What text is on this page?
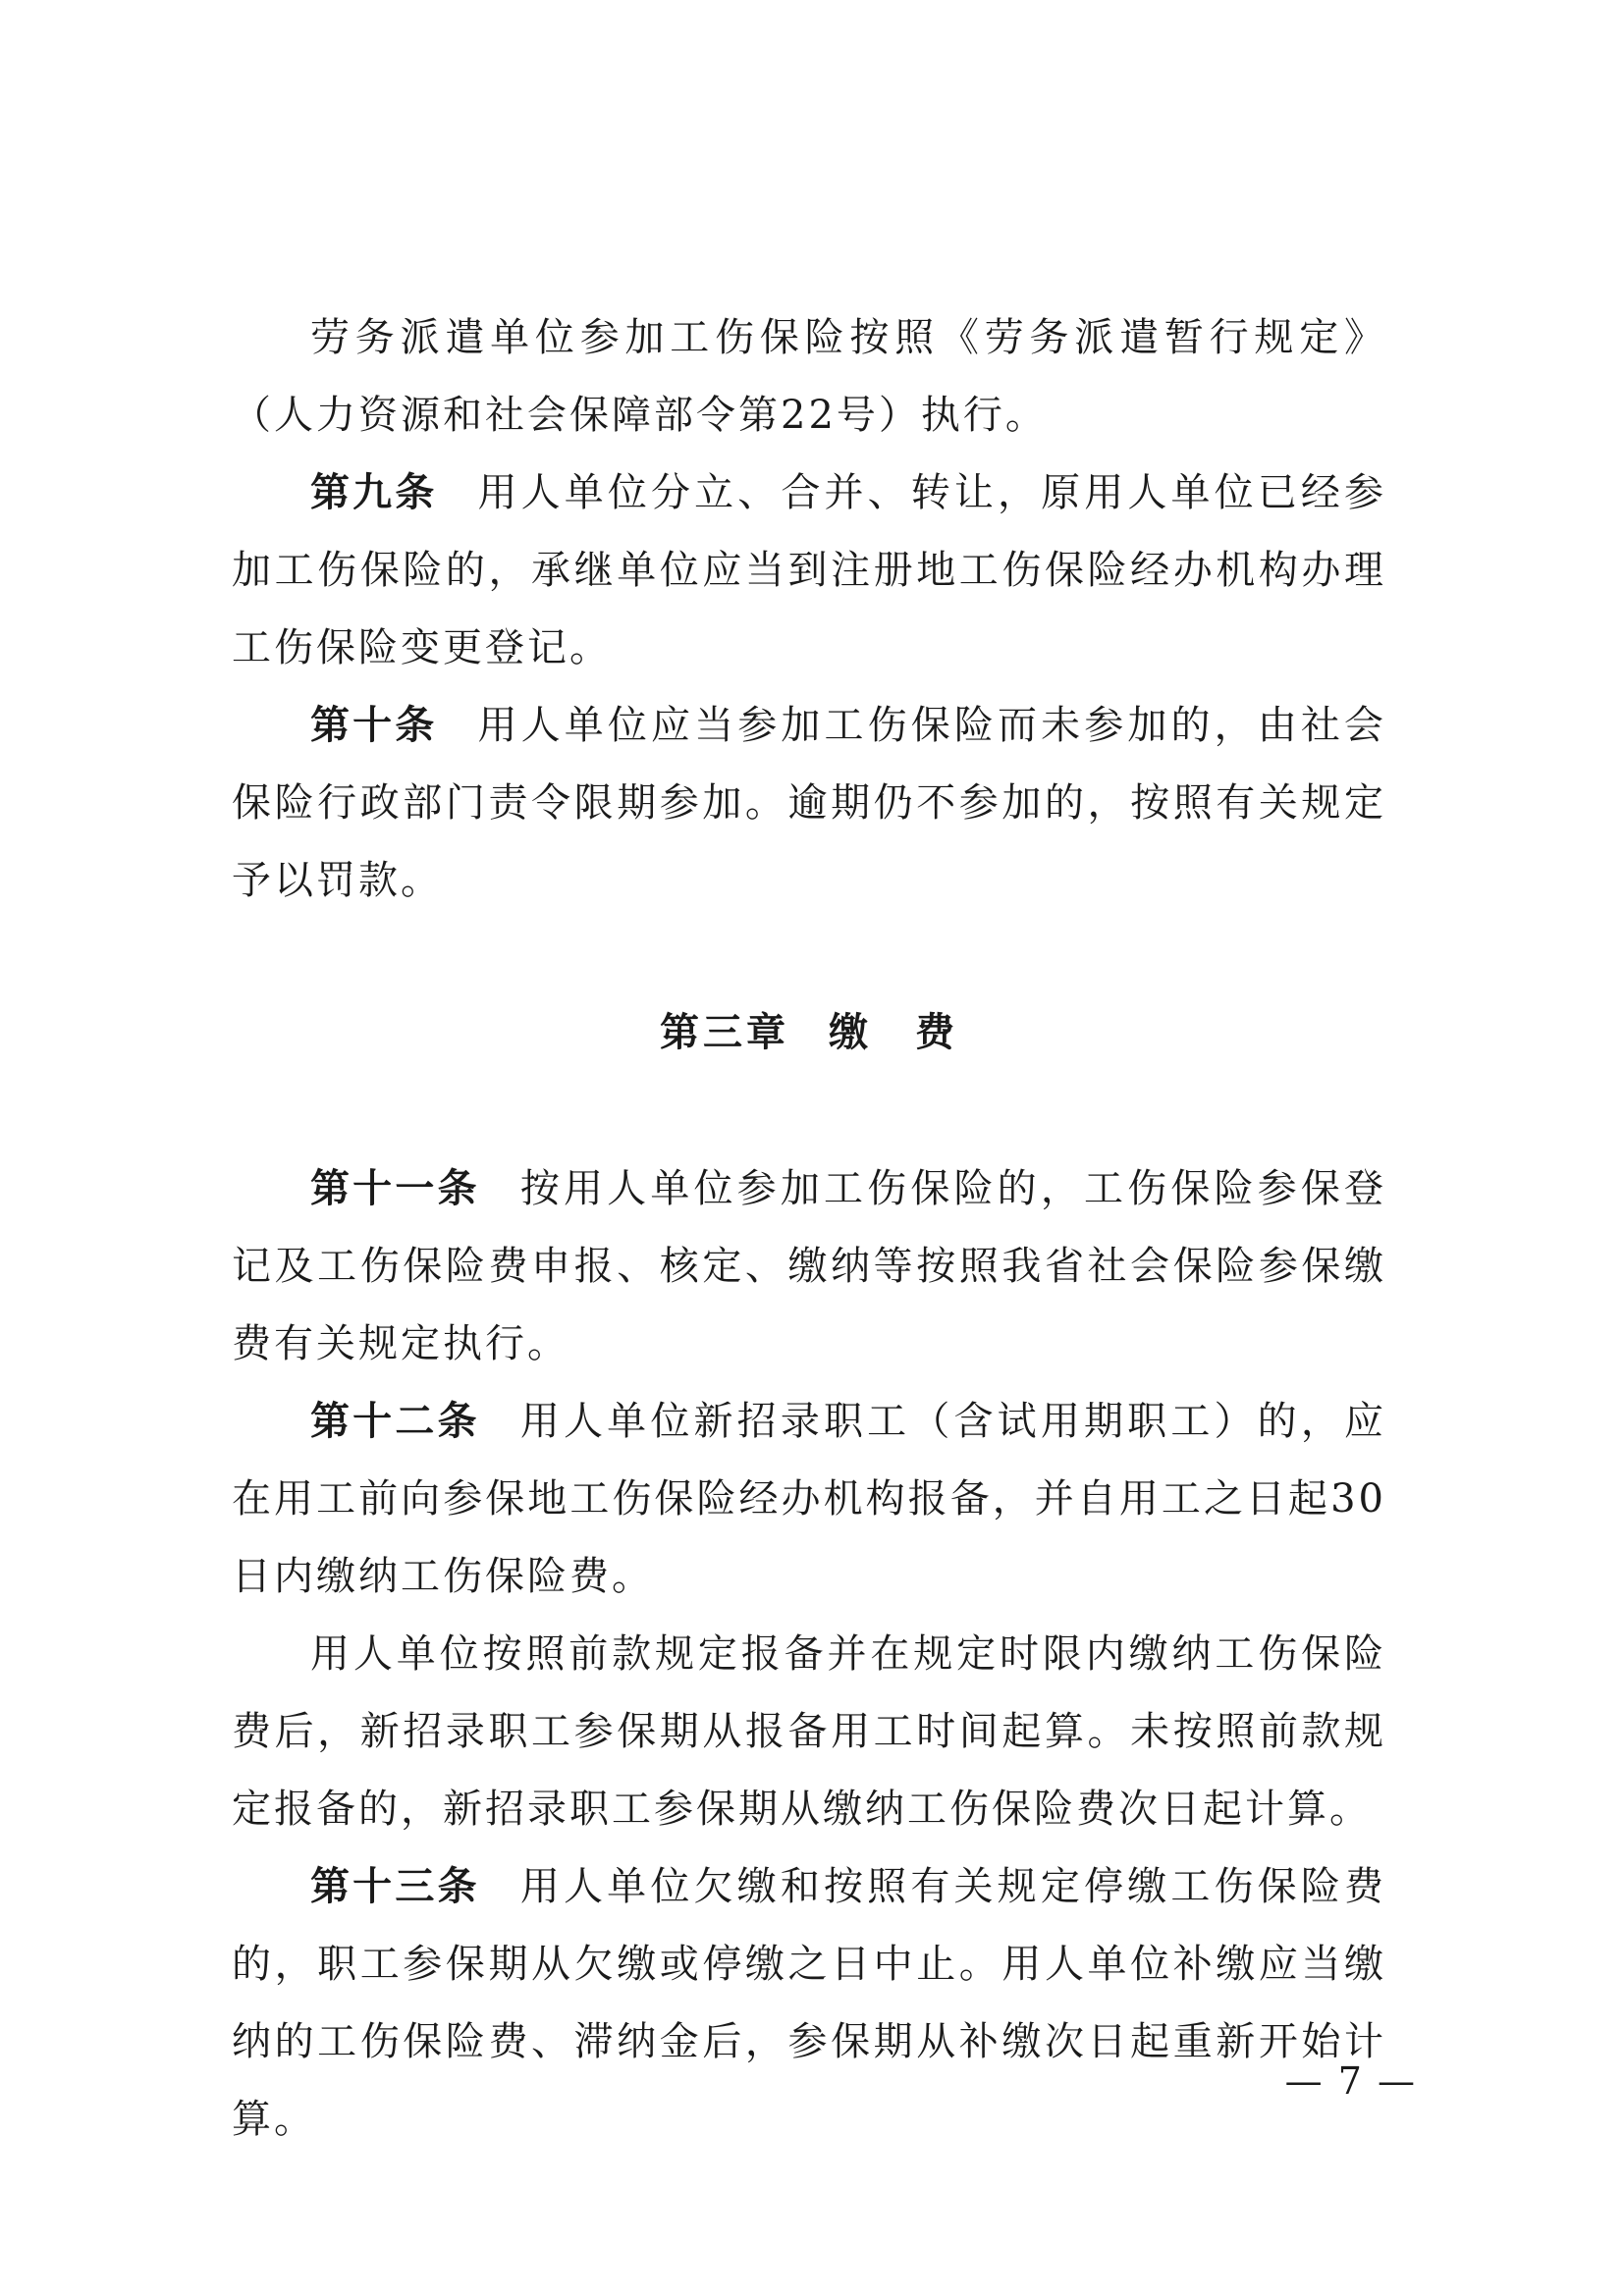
劳务派遣单位参加工伤保险按照《劳务派遣暂行规定》（人力资源和社会保障部令第22号）执行。

第九条 用人单位分立、合并、转让，原用人单位已经参加工伤保险的，承继单位应当到注册地工伤保险经办机构办理工伤保险变更登记。

第十条 用人单位应当参加工伤保险而未参加的，由社会保险行政部门责令限期参加。逾期仍不参加的，按照有关规定予以罚款。

第三章 缴　费

第十一条 按用人单位参加工伤保险的，工伤保险参保登记及工伤保险费申报、核定、缴纳等按照我省社会保险参保缴费有关规定执行。

第十二条 用人单位新招录职工（含试用期职工）的，应在用工前向参保地工伤保险经办机构报备，并自用工之日起30日内缴纳工伤保险费。

用人单位按照前款规定报备并在规定时限内缴纳工伤保险费后，新招录职工参保期从报备用工时间起算。未按照前款规定报备的，新招录职工参保期从缴纳工伤保险费次日起计算。

第十三条 用人单位欠缴和按照有关规定停缴工伤保险费的，职工参保期从欠缴或停缴之日中止。用人单位补缴应当缴纳的工伤保险费、滞纳金后，参保期从补缴次日起重新开始计算。

— 7 —
